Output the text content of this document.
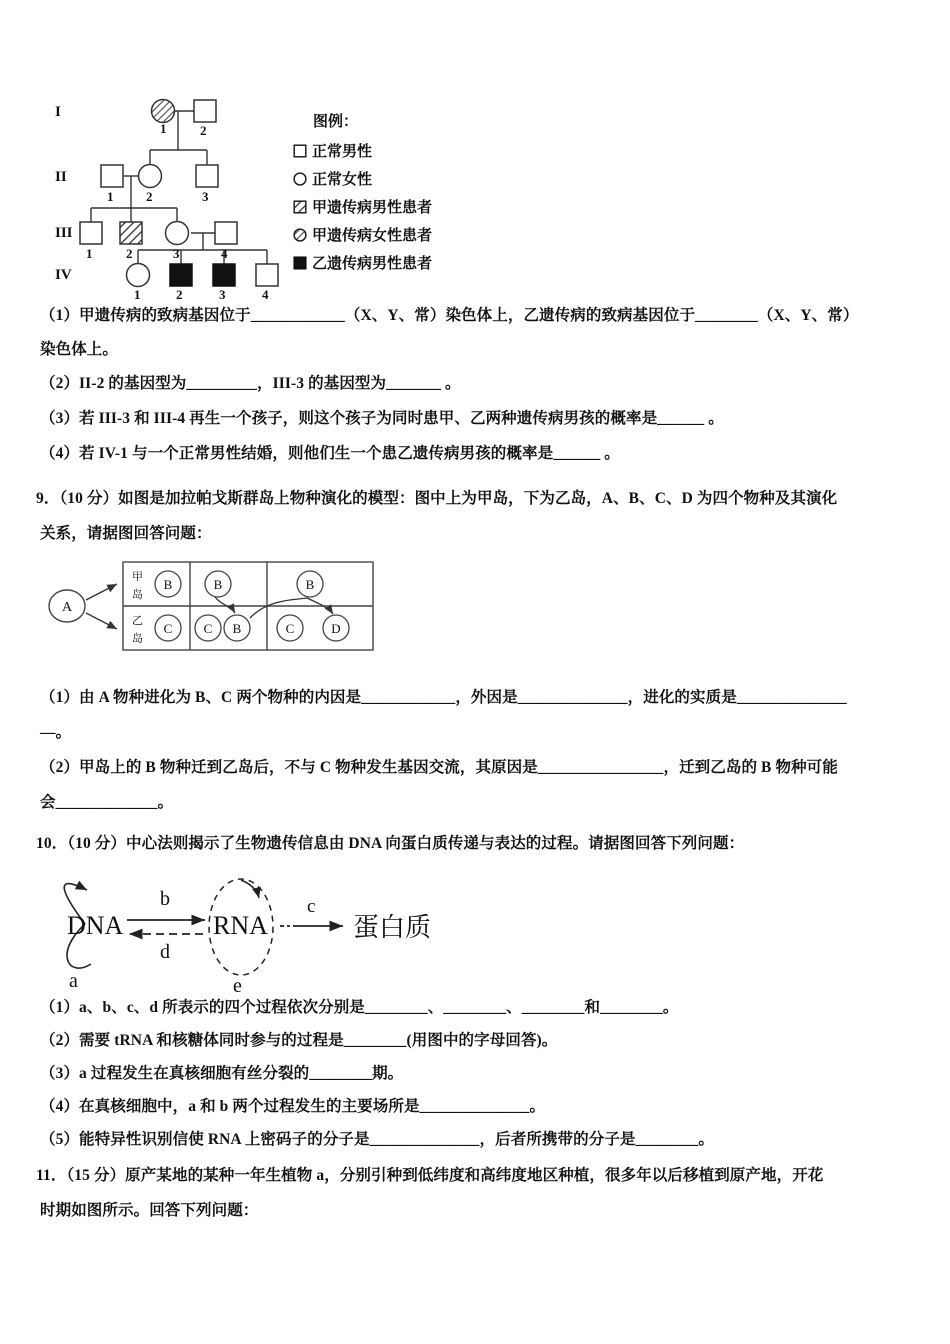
1	2
1	2	3
1	2	3	4
1	2	3	4
I
II
III
IV
图例：
正常男性
正常女性
甲遗传病男性患者
甲遗传病女性患者
乙遗传病男性患者
（1）甲遗传病的致病基因位于____________（X、Y、常）染色体上，乙遗传病的致病基因位于________（X、Y、常）
染色体上。
（2）II-2 的基因型为_________，III-3 的基因型为_______ 。
（3）若 III-3 和 III-4 再生一个孩子，则这个孩子为同时患甲、乙两种遗传病男孩的概率是______ 。
（4）若 IV-1 与一个正常男性结婚，则他们生一个患乙遗传病男孩的概率是______ 。
9．（10 分）如图是加拉帕戈斯群岛上物种演化的模型：图中上为甲岛，下为乙岛，A、B、C、D 为四个物种及其演化
关系，请据图回答问题：
A
甲
岛
乙
岛
B
C
B
C B
B
C	D
（1）由 A 物种进化为 B、C 两个物种的内因是____________，外因是______________，进化的实质是______________
—。
（2）甲岛上的 B 物种迁到乙岛后，不与 C 物种发生基因交流，其原因是________________，迁到乙岛的 B 物种可能
会_____________。
10．（10 分）中心法则揭示了生物遗传信息由 DNA 向蛋白质传递与表达的过程。请据图回答下列问题：
a
DNA
b
d
e
RNA
c
蛋白质
（1）a、b、c、d 所表示的四个过程依次分别是________、________、________和________。
（2）需要 tRNA 和核糖体同时参与的过程是________(用图中的字母回答)。
（3）a 过程发生在真核细胞有丝分裂的________期。
（4）在真核细胞中，a 和 b 两个过程发生的主要场所是______________。
（5）能特异性识别信使 RNA 上密码子的分子是______________，后者所携带的分子是________。
11．（15 分）原产某地的某种一年生植物 a，分别引种到低纬度和高纬度地区种植，很多年以后移植到原产地，开花
时期如图所示。回答下列问题：
